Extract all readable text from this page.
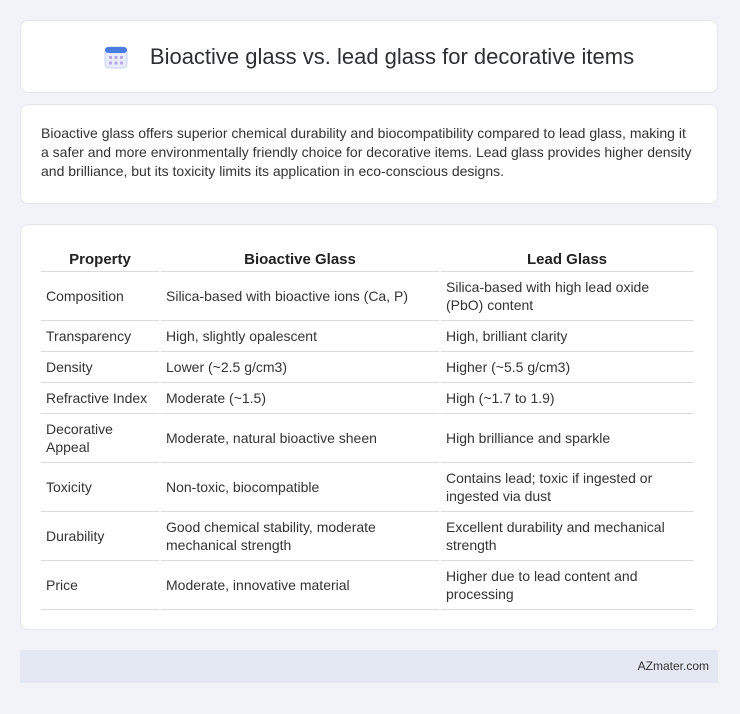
Bioactive glass vs. lead glass for decorative items

Bioactive glass offers superior chemical durability and biocompatibility compared to lead glass, making it a safer and more environmentally friendly choice for decorative items. Lead glass provides higher density and brilliance, but its toxicity limits its application in eco-conscious designs.

Property	Bioactive Glass	Lead Glass
Composition	Silica-based with bioactive ions (Ca, P)	Silica-based with high lead oxide (PbO) content
Transparency	High, slightly opalescent	High, brilliant clarity
Density	Lower (~2.5 g/cm3)	Higher (~5.5 g/cm3)
Refractive Index	Moderate (~1.5)	High (~1.7 to 1.9)
Decorative Appeal	Moderate, natural bioactive sheen	High brilliance and sparkle
Toxicity	Non-toxic, biocompatible	Contains lead; toxic if ingested or ingested via dust
Durability	Good chemical stability, moderate mechanical strength	Excellent durability and mechanical strength
Price	Moderate, innovative material	Higher due to lead content and processing
AZmater.com
